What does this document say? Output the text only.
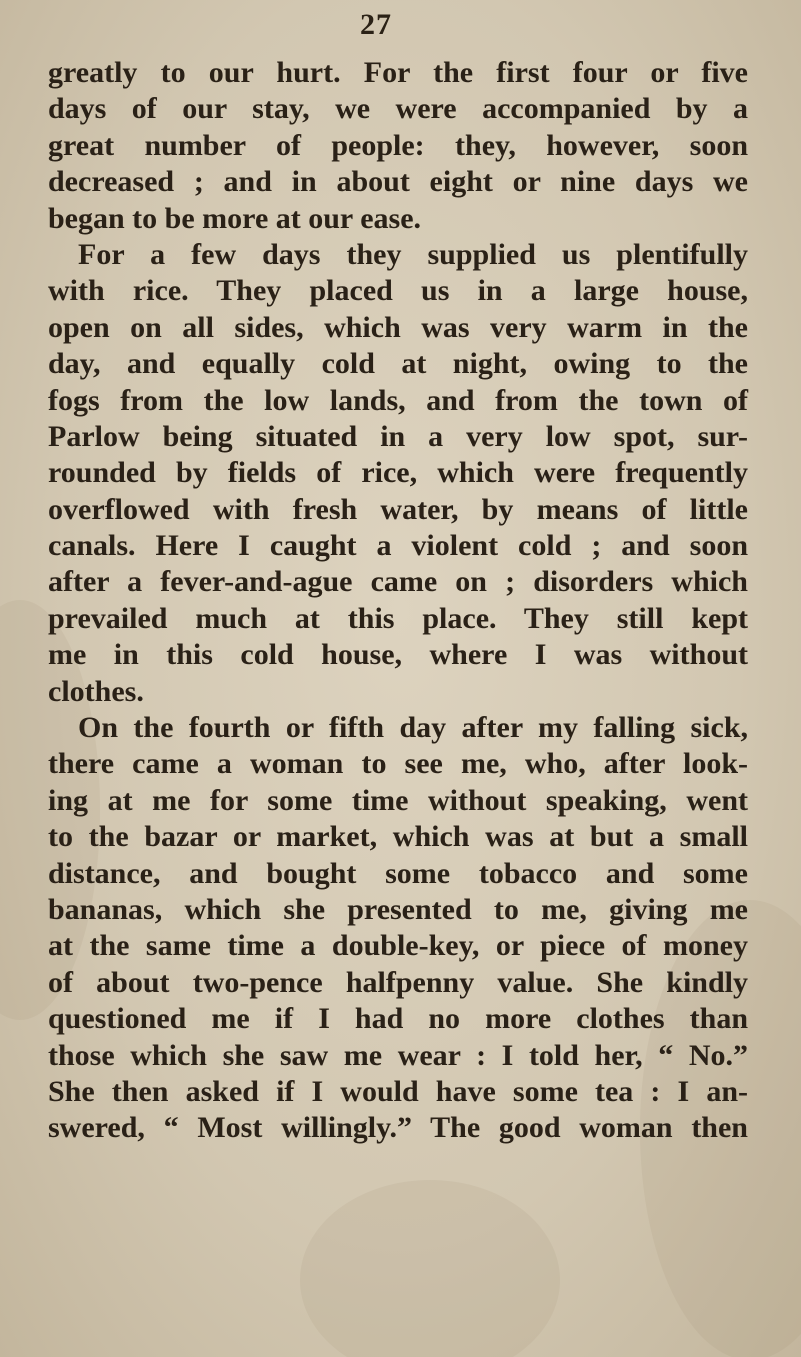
27
greatly to our hurt. For the first four or five
days of our stay, we were accompanied by a
great number of people: they, however, soon
decreased ; and in about eight or nine days we
began to be more at our ease.
For a few days they supplied us plentifully
with rice. They placed us in a large house,
open on all sides, which was very warm in the
day, and equally cold at night, owing to the
fogs from the low lands, and from the town of
Parlow being situated in a very low spot, sur-
rounded by fields of rice, which were frequently
overflowed with fresh water, by means of little
canals. Here I caught a violent cold ; and soon
after a fever-and-ague came on ; disorders which
prevailed much at this place. They still kept
me in this cold house, where I was without
clothes.
On the fourth or fifth day after my falling sick,
there came a woman to see me, who, after look-
ing at me for some time without speaking, went
to the bazar or market, which was at but a small
distance, and bought some tobacco and some
bananas, which she presented to me, giving me
at the same time a double-key, or piece of money
of about two-pence halfpenny value. She kindly
questioned me if I had no more clothes than
those which she saw me wear : I told her, “ No.”
She then asked if I would have some tea : I an-
swered, “ Most willingly.” The good woman then
